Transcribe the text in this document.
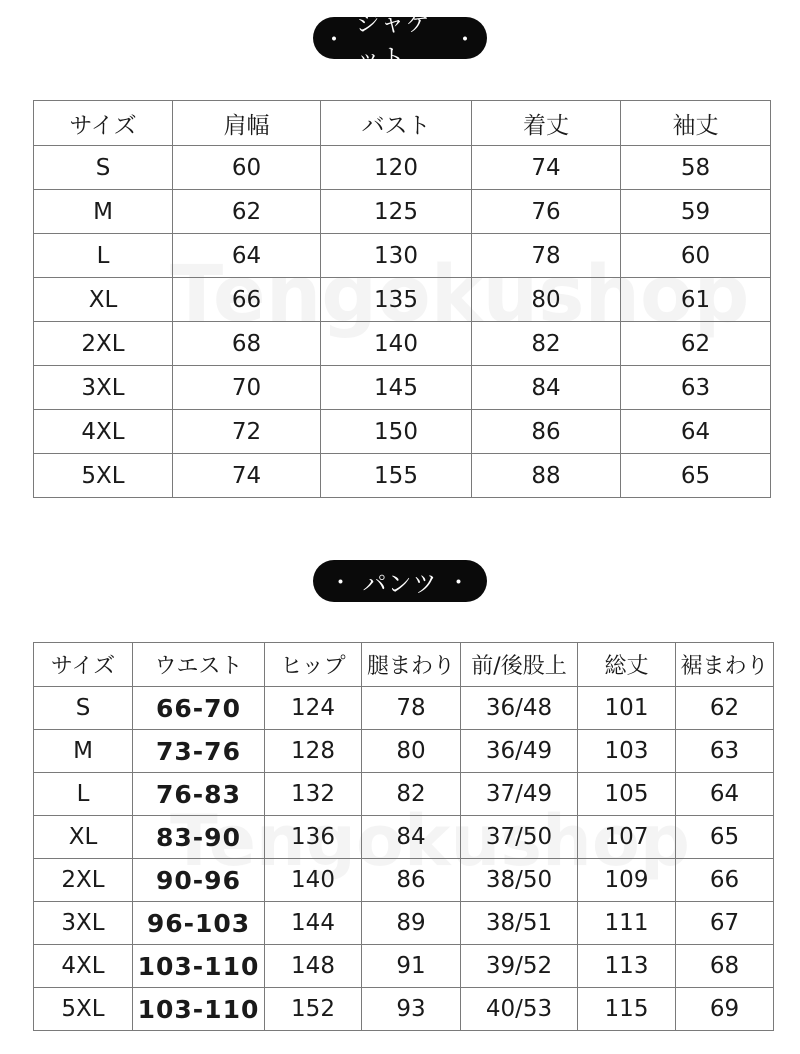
・
ジャケット
・
サイズ	肩幅	バスト	着丈	袖丈
S	60	120	74	58
M	62	125	76	59
L	64	130	78	60
XL	66	135	80	61
2XL	68	140	82	62
3XL	70	145	84	63
4XL	72	150	86	64
5XL	74	155	88	65
・ パンツ ・
サイズ	ウエスト	ヒップ	腿まわり	前/後股上	総丈	裾まわり
S	66-70	124	78	36/48	101	62
M	73-76	128	80	36/49	103	63
L	76-83	132	82	37/49	105	64
XL	83-90	136	84	37/50	107	65
2XL	90-96	140	86	38/50	109	66
3XL	96-103	144	89	38/51	111	67
4XL	103-110	148	91	39/52	113	68
5XL	103-110	152	93	40/53	115	69
